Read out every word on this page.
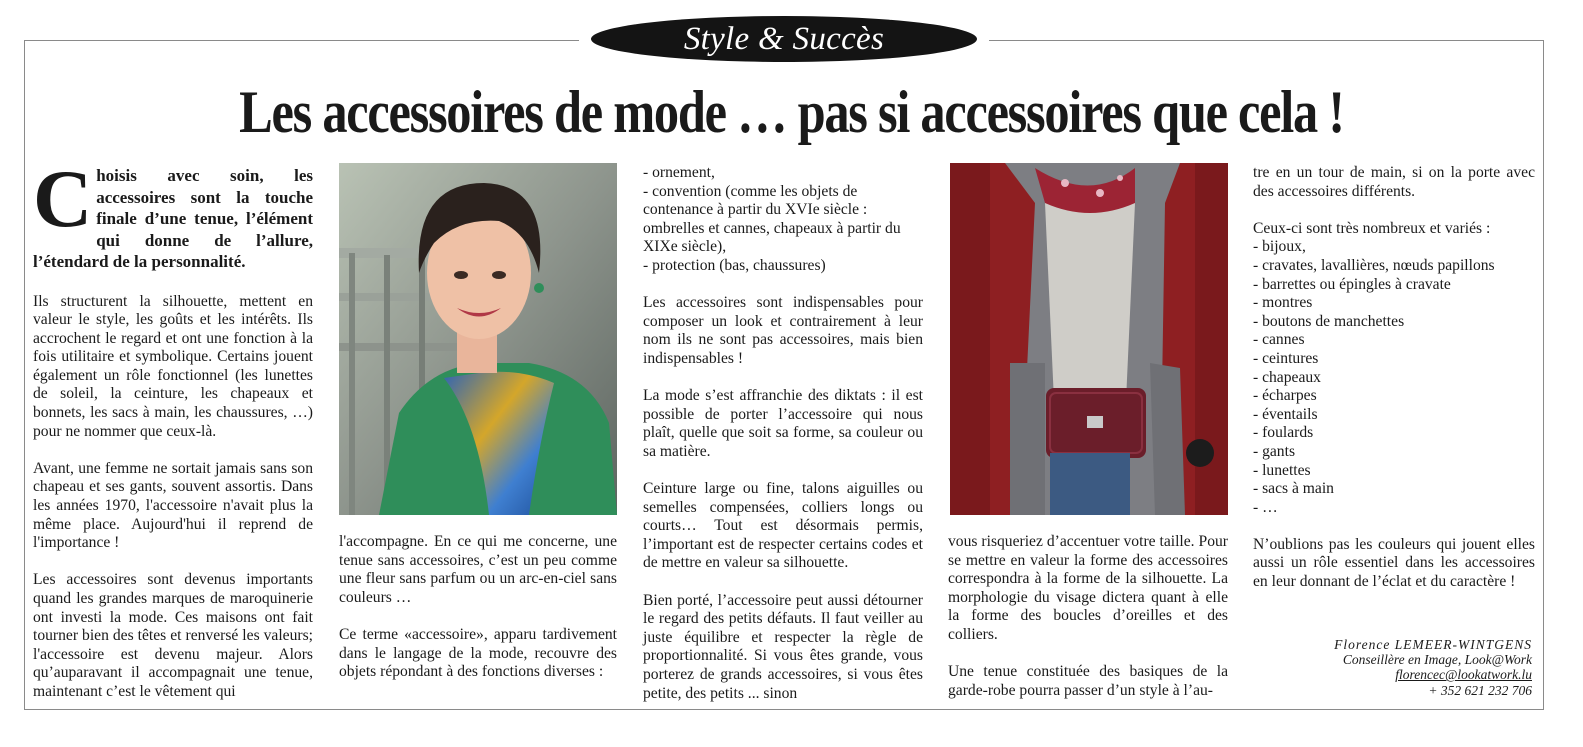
Style & Succès
Les accessoires de mode … pas si accessoires que cela !

Choisis avec soin, les accessoires sont la touche finale d’une tenue, l’élément qui donne de l’allure, l’étendard de la personnalité.

Ils structurent la silhouette, mettent en valeur le style, les goûts et les intérêts. Ils accrochent le regard et ont une fonction à la fois utilitaire et symbolique. Certains jouent également un rôle fonctionnel (les lunettes de soleil, la ceinture, les chapeaux et bonnets, les sacs à main, les chaussures, …) pour ne nommer que ceux-là.

Avant, une femme ne sortait jamais sans son chapeau et ses gants, souvent assortis. Dans les années 1970, l'accessoire n'avait plus la même place. Aujourd'hui il reprend de l'importance !

Les accessoires sont devenus importants quand les grandes marques de maroquinerie ont investi la mode. Ces maisons ont fait tourner bien des têtes et renversé les valeurs; l'accessoire est devenu majeur. Alors qu’auparavant il accompagnait une tenue, maintenant c’est le vêtement qui

l'accompagne. En ce qui me concerne, une tenue sans accessoires, c’est un peu comme une fleur sans parfum ou un arc-en-ciel sans couleurs …

Ce terme «accessoire», apparu tardivement dans le langage de la mode, recouvre des objets répondant à des fonctions diverses :

- ornement,
- convention (comme les objets de contenance à partir du XVIe siècle : ombrelles et cannes, chapeaux à partir du XIXe siècle),
- protection (bas, chaussures)

Les accessoires sont indispensables pour composer un look et contrairement à leur nom ils ne sont pas accessoires, mais bien indispensables !

La mode s’est affranchie des diktats : il est possible de porter l’accessoire qui nous plaît, quelle que soit sa forme, sa couleur ou sa matière.

Ceinture large ou fine, talons aiguilles ou semelles compensées, colliers longs ou courts… Tout est désormais permis, l’important est de respecter certains codes et de mettre en valeur sa silhouette.

Bien porté, l’accessoire peut aussi détourner le regard des petits défauts. Il faut veiller au juste équilibre et respecter la règle de proportionnalité. Si vous êtes grande, vous porterez de grands accessoires, si vous êtes petite, des petits ... sinon

vous risqueriez d’accentuer votre taille. Pour se mettre en valeur la forme des accessoires correspondra à la forme de la silhouette. La morphologie du visage dictera quant à elle la forme des boucles d’oreilles et des colliers.

Une tenue constituée des basiques de la garde-robe pourra passer d’un style à l’au-

tre en un tour de main, si on la porte avec des accessoires différents.

Ceux-ci sont très nombreux et variés :
- bijoux,
- cravates, lavallières, nœuds papillons
- barrettes ou épingles à cravate
- montres
- boutons de manchettes
- cannes
- ceintures
- chapeaux
- écharpes
- éventails
- foulards
- gants
- lunettes
- sacs à main
- …

N’oublions pas les couleurs qui jouent elles aussi un rôle essentiel dans les accessoires en leur donnant de l’éclat et du caractère !

Florence LEMEER-WINTGENS
Conseillère en Image, Look@Work
florencec@lookatwork.lu
+ 352 621 232 706
